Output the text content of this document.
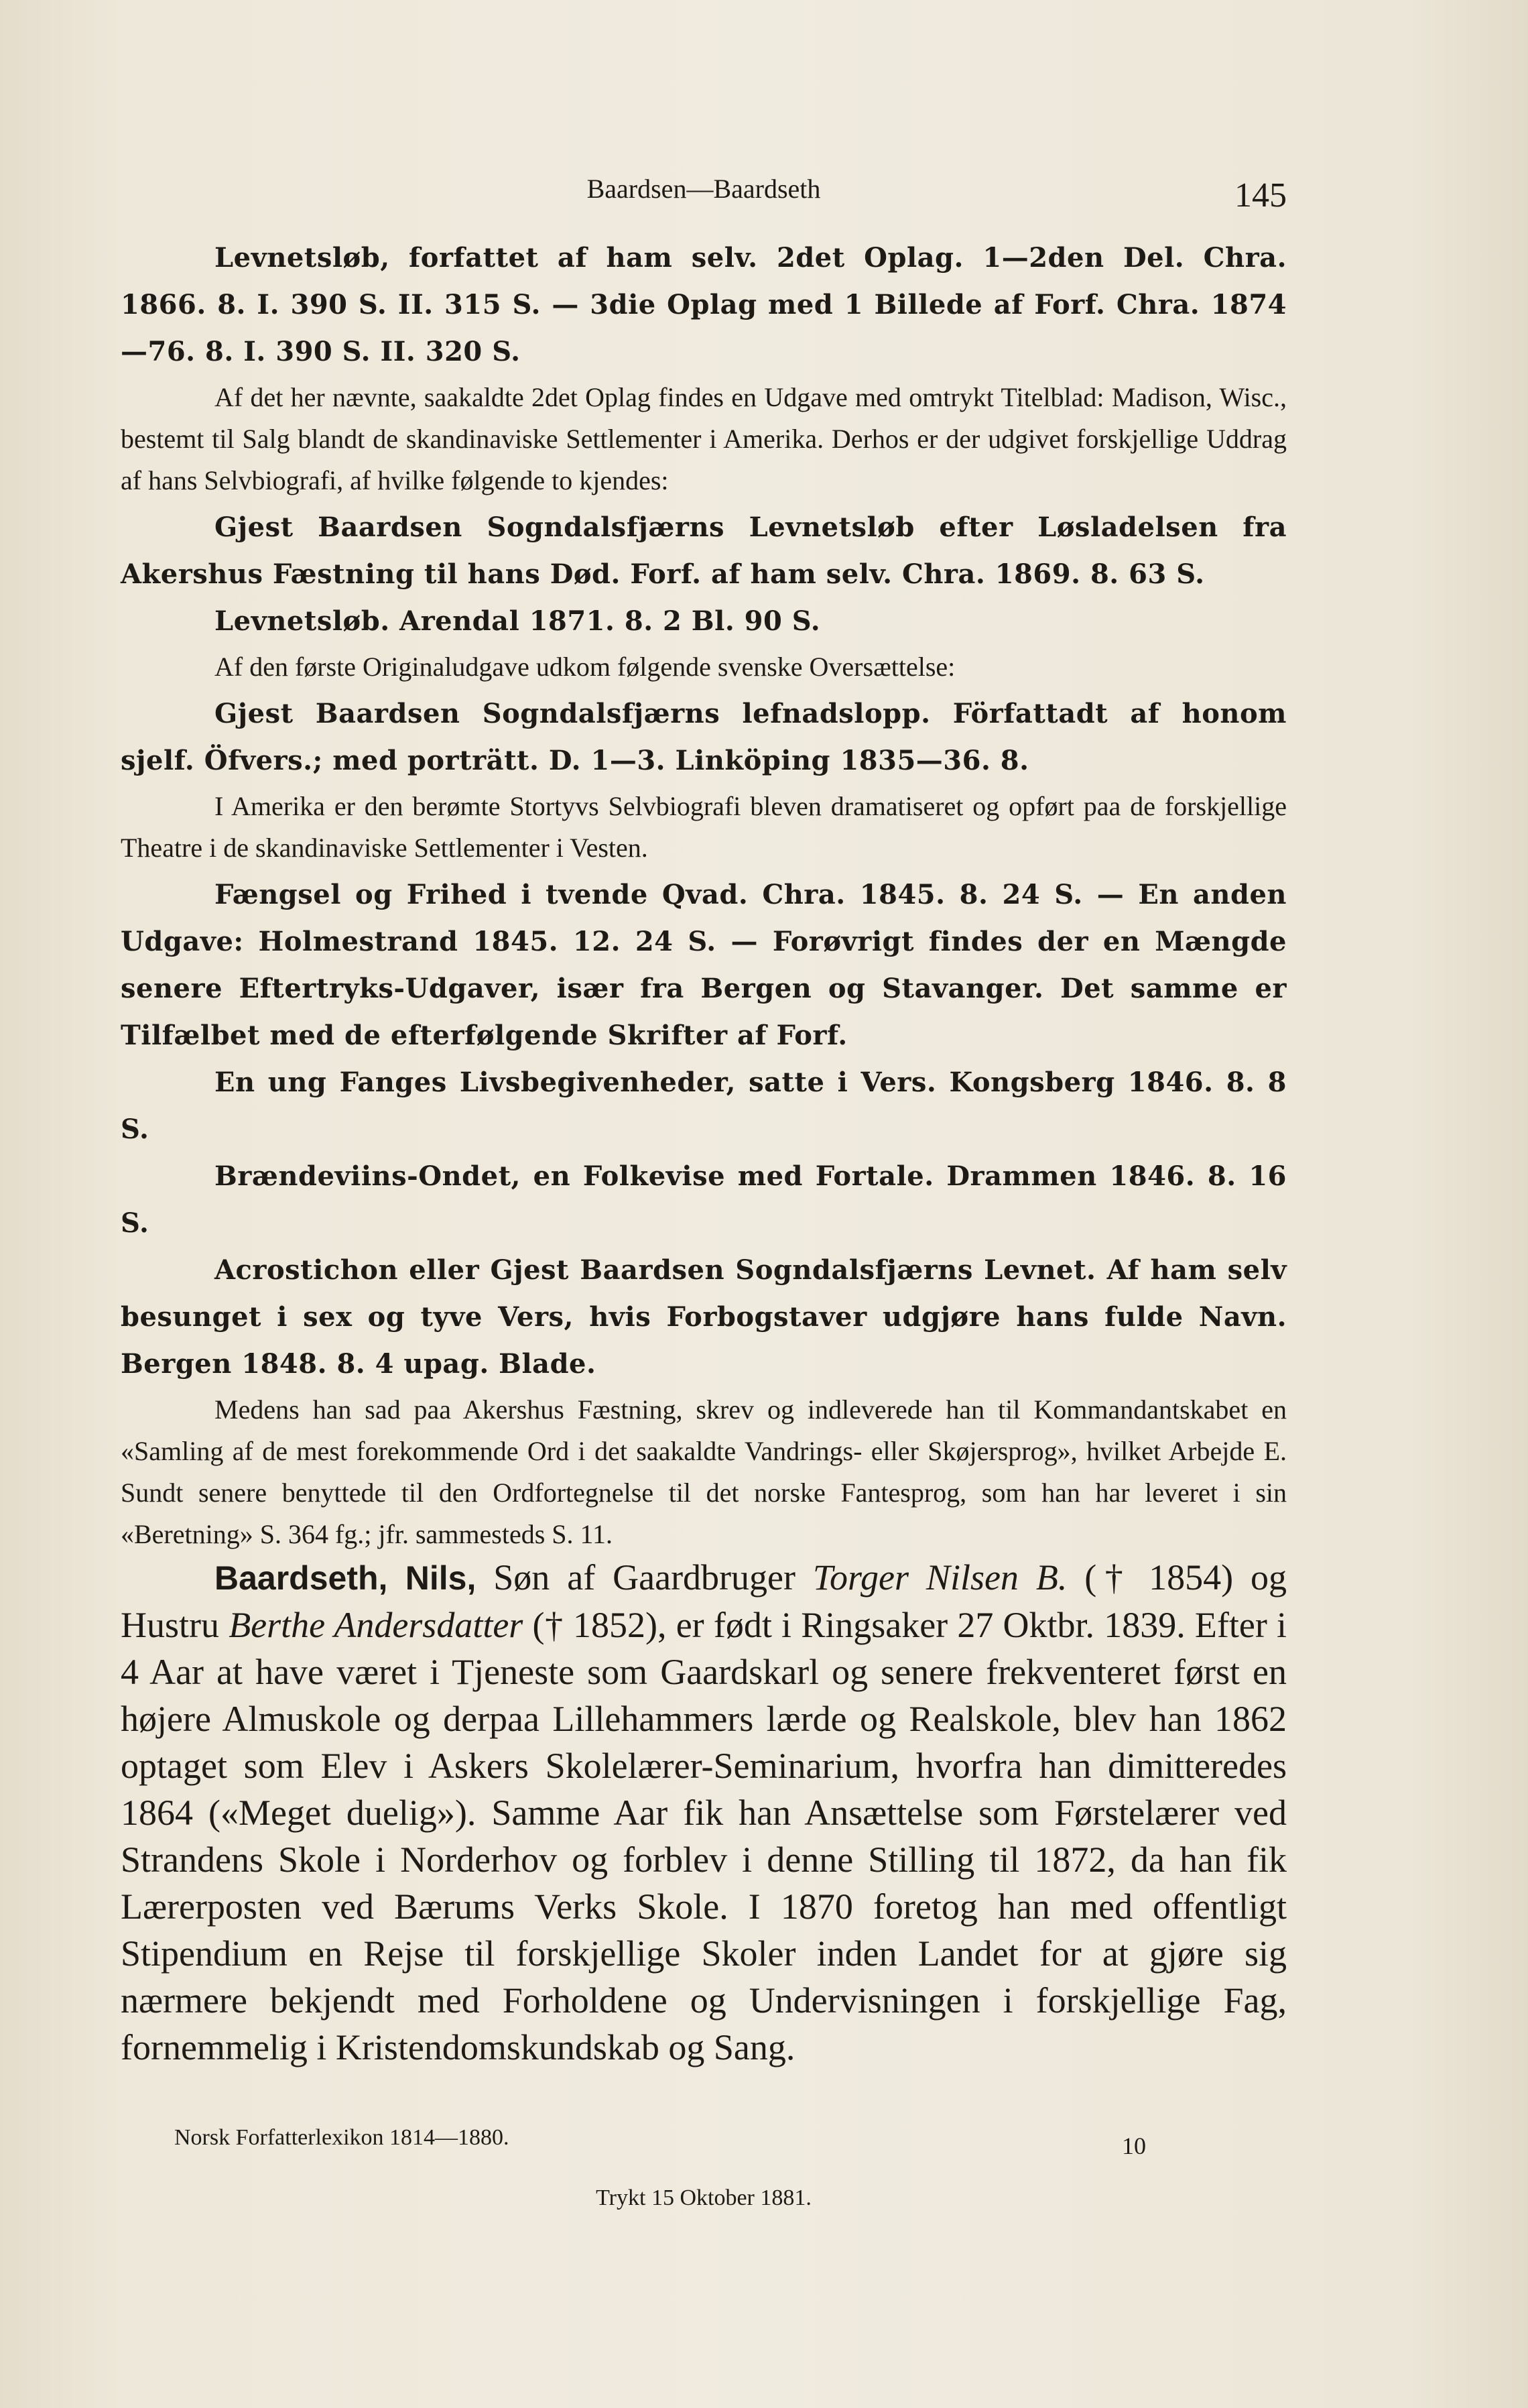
Baardsen—Baardseth	145

Levnetsløb, forfattet af ham selv. 2det Oplag. 1—2den Del. Chra. 1866. 8. I. 390 S. II. 315 S. — 3die Oplag med 1 Billede af Forf. Chra. 1874—76. 8. I. 390 S. II. 320 S.

Af det her nævnte, saakaldte 2det Oplag findes en Udgave med omtrykt Titelblad: Madison, Wisc., bestemt til Salg blandt de skandinaviske Settlementer i Amerika. Derhos er der udgivet forskjellige Uddrag af hans Selvbiografi, af hvilke følgende to kjendes:

Gjest Baardsen Sogndalsfjærns Levnetsløb efter Løsladelsen fra Akershus Fæstning til hans Død. Forf. af ham selv. Chra. 1869. 8. 63 S.

Levnetsløb. Arendal 1871. 8. 2 Bl. 90 S.

Af den første Originaludgave udkom følgende svenske Oversættelse:

Gjest Baardsen Sogndalsfjærns lefnadslopp. Författadt af honom sjelf. Öfvers.; med porträtt. D. 1—3. Linköping 1835—36. 8.

I Amerika er den berømte Stortyvs Selvbiografi bleven dramatiseret og opført paa de forskjellige Theatre i de skandinaviske Settlementer i Vesten.

Fængsel og Frihed i tvende Qvad. Chra. 1845. 8. 24 S. — En anden Udgave: Holmestrand 1845. 12. 24 S. — Forøvrigt findes der en Mængde senere Eftertryks-Udgaver, især fra Bergen og Stavanger. Det samme er Tilfælbet med de efterfølgende Skrifter af Forf.

En ung Fanges Livsbegivenheder, satte i Vers. Kongsberg 1846. 8. 8 S.

Brændeviins-Ondet, en Folkevise med Fortale. Drammen 1846. 8. 16 S.

Acrostichon eller Gjest Baardsen Sogndalsfjærns Levnet. Af ham selv besunget i sex og tyve Vers, hvis Forbogstaver udgjøre hans fulde Navn. Bergen 1848. 8. 4 upag. Blade.

Medens han sad paa Akershus Fæstning, skrev og indleverede han til Kommandantskabet en «Samling af de mest forekommende Ord i det saakaldte Vandrings- eller Skøjersprog», hvilket Arbejde E. Sundt senere benyttede til den Ordfortegnelse til det norske Fantesprog, som han har leveret i sin «Beretning» S. 364 fg.; jfr. sammesteds S. 11.

Baardseth, Nils, Søn af Gaardbruger Torger Nilsen B. († 1854) og Hustru Berthe Andersdatter († 1852), er født i Ringsaker 27 Oktbr. 1839. Efter i 4 Aar at have været i Tjeneste som Gaardskarl og senere frekventeret først en højere Almuskole og derpaa Lillehammers lærde og Realskole, blev han 1862 optaget som Elev i Askers Skolelærer-Seminarium, hvorfra han dimitteredes 1864 («Meget duelig»). Samme Aar fik han Ansættelse som Førstelærer ved Strandens Skole i Norderhov og forblev i denne Stilling til 1872, da han fik Lærerposten ved Bærums Verks Skole. I 1870 foretog han med offentligt Stipendium en Rejse til forskjellige Skoler inden Landet for at gjøre sig nærmere bekjendt med Forholdene og Undervisningen i forskjellige Fag, fornemmelig i Kristendomskundskab og Sang.

Norsk Forfatterlexikon 1814—1880.	10
Trykt 15 Oktober 1881.
